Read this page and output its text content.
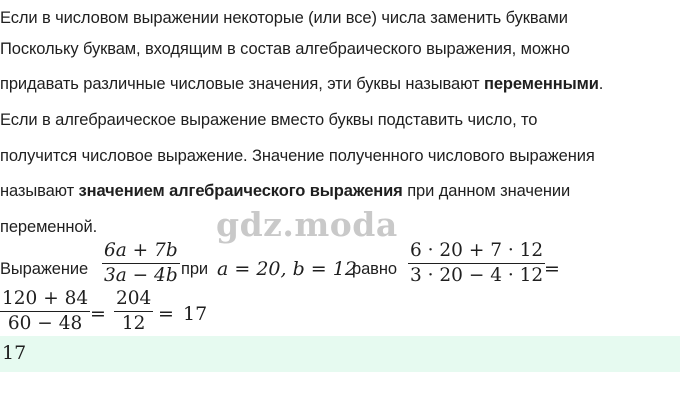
Если в числовом выражении некоторые (или все) числа заменить буквами
Поскольку буквам, входящим в состав алгебраического выражения, можно
придавать различные числовые значения, эти буквы называют переменными.
Если в алгебраическое выражение вместо буквы подставить число, то
получится числовое выражение. Значение полученного числового выражения
называют значением алгебраического выражения при данном значении
переменной.	gdz.moda
Выражение
6a + 7b
3a − 4b при a = 20, b = 12
равно
6 · 20 + 7 · 12
3 · 20 − 4 · 12 =
120 + 84
60 − 48 =
204
12 = 17
17
